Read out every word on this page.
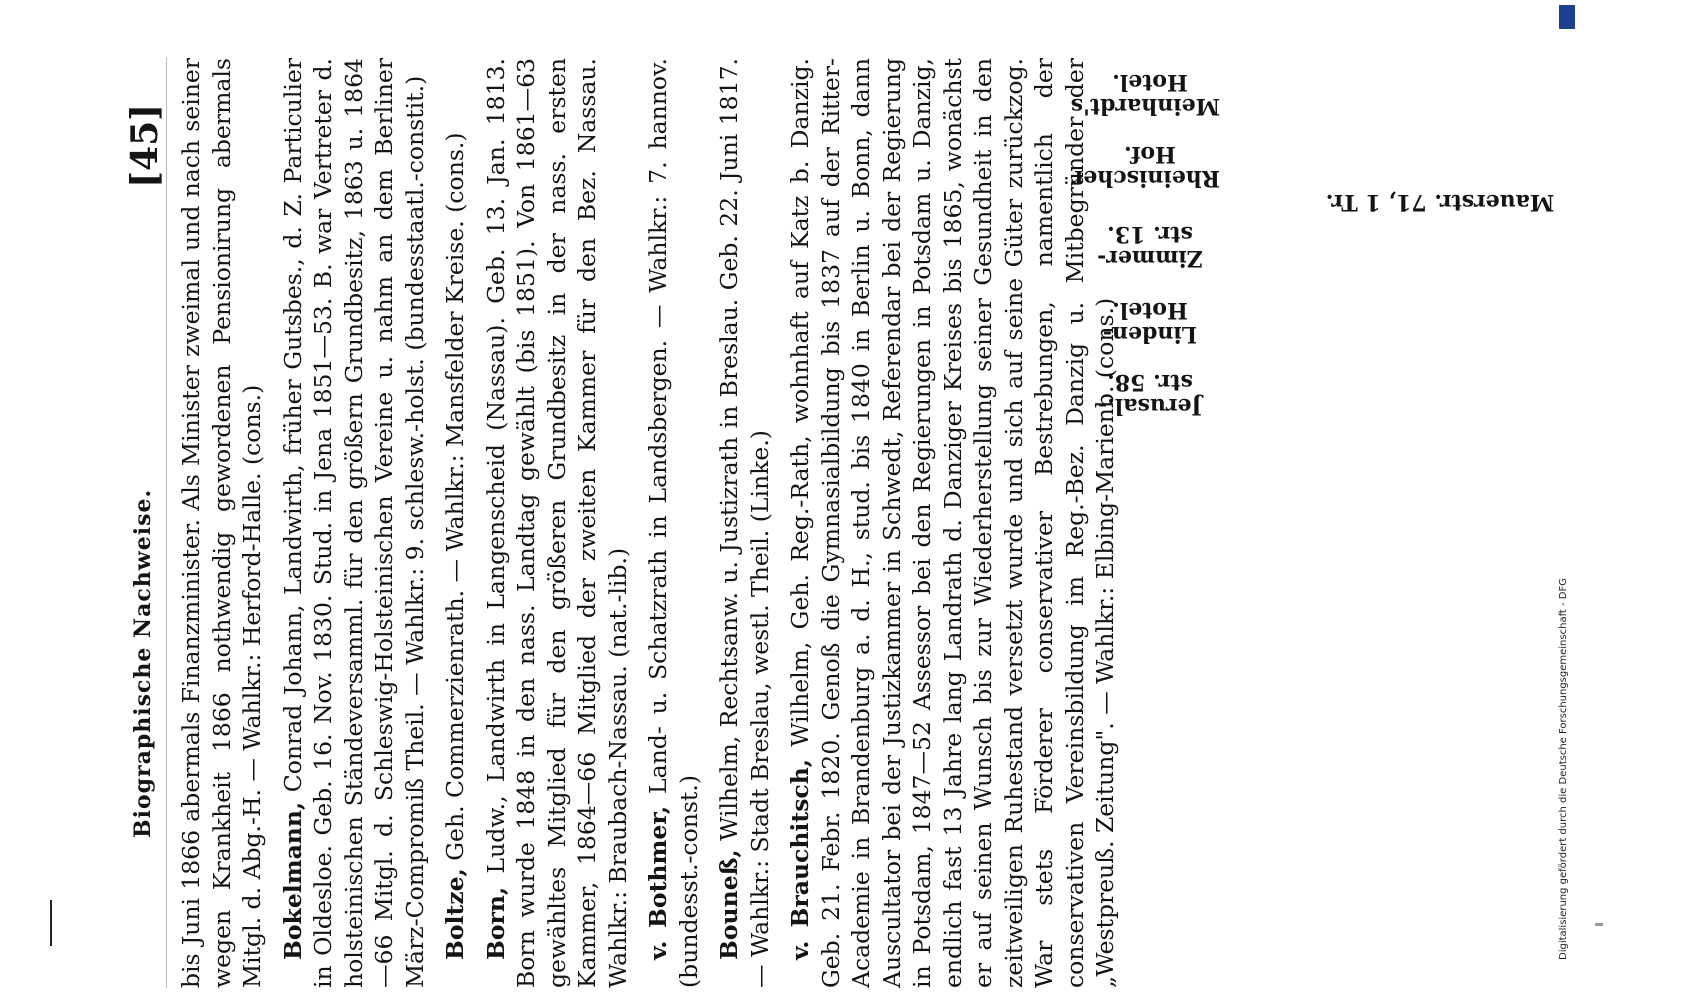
Biographische Nachweise.
[45] bis Juni 1866 abermals Finanzminister. Als Minister zweimal und nach seiner wegen Krankheit 1866 nothwendig gewordenen Pensionirung abermals Mitgl. d. Abg.-H. — Wahlkr.: Herford-Halle. (cons.) Bokelmann, Conrad Johann, Landwirth, früher Gutsbes., d. Z. Particulier in Oldesloe. Geb. 16. Nov. 1830. Stud. in Jena 1851—53. B. war Vertreter d. holsteinischen Ständeversamml. für den größern Grundbesitz, 1863 u. 1864—66 Mitgl. d. Schleswig-Holsteinischen Vereine u. nahm an dem Berliner März-Compromiß Theil. — Wahlkr.: 9. schlesw.-holst. (bundesstaatl.-constit.) Boltze, Geh. Commerzienrath. — Wahlkr.: Mansfelder Kreise. (cons.)

Born, Ludw., Landwirth in Langenscheid (Nassau). Geb. 13. Jan. 1813. Born wurde 1848 in den nass. Landtag gewählt (bis 1851). Von 1861—63 gewähltes Mitglied für den größeren Grundbesitz in der nass. ersten Kammer, 1864—66 Mitglied der zweiten Kammer für den Bez. Nassau. Wahlkr.: Braubach-Nassau. (nat.-lib.) v. Bothmer, Land- u. Schatzrath in Landsbergen. — Wahlkr.: 7. hannov. (bundesst.-const.) Bouneß, Wilhelm, Rechtsanw. u. Justizrath in Breslau. Geb. 22. Juni 1817. — Wahlkr.: Stadt Breslau, westl. Theil. (Linke.) v. Brauchitsch, Wilhelm, Geh. Reg.-Rath, wohnhaft auf Katz b. Danzig. Geb. 21. Febr. 1820. Genoß die Gymnasialbildung bis 1837 auf der Ritter-Academie in Brandenburg a. d. H., stud. bis 1840 in Berlin u. Bonn, dann Auscultator bei der Justizkammer in Schwedt, Referendar bei der Regierung in Potsdam, 1847—52 Assessor bei den Regierungen in Potsdam u. Danzig, endlich fast 13 Jahre lang Landrath d. Danziger Kreises bis 1865, wonächst er auf seinen Wunsch bis zur Wiederherstellung seiner Gesundheit in den zeitweiligen Ruhestand versetzt wurde und sich auf seine Güter zurückzog. War stets Förderer conservativer Bestrebungen, namentlich der conservativen Vereinsbildung im Reg.-Bez. Danzig u. Mitbegründer der „Westpreuß. Zeitung". — Wahlkr.: Elbing-Marienb. (cons.)

Meinhardt's
Hotel.
Rheinischer
Hof.
Zimmer-
str. 13.
Linden-
Hotel.
Jerusal.-
str. 58.
Mauerstr. 71, 1 Tr.
Digitalisierung gefördert durch die Deutsche Forschungsgemeinschaft - DFG
